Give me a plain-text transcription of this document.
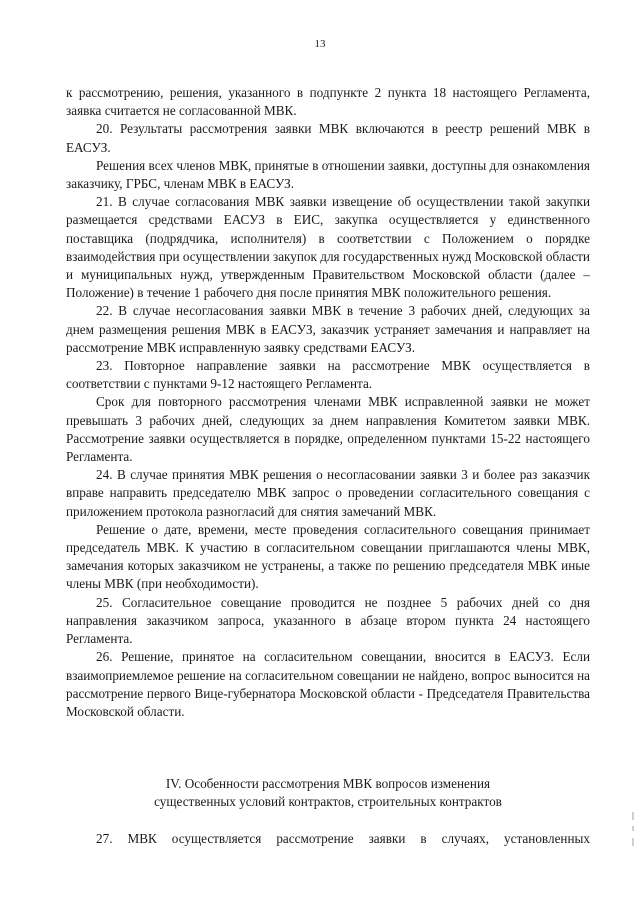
13

к рассмотрению, решения, указанного в подпункте 2 пункта 18 настоящего Регламента, заявка считается не согласованной МВК.

20. Результаты рассмотрения заявки МВК включаются в реестр решений МВК в ЕАСУЗ.

Решения всех членов МВК, принятые в отношении заявки, доступны для ознакомления заказчику, ГРБС, членам МВК в ЕАСУЗ.

21. В случае согласования МВК заявки извещение об осуществлении такой закупки размещается средствами ЕАСУЗ в ЕИС, закупка осуществляется у единственного поставщика (подрядчика, исполнителя) в соответствии с Положением о порядке взаимодействия при осуществлении закупок для государственных нужд Московской области и муниципальных нужд, утвержденным Правительством Московской области (далее – Положение) в течение 1 рабочего дня после принятия МВК положительного решения.

22. В случае несогласования заявки МВК в течение 3 рабочих дней, следующих за днем размещения решения МВК в ЕАСУЗ, заказчик устраняет замечания и направляет на рассмотрение МВК исправленную заявку средствами ЕАСУЗ.

23. Повторное направление заявки на рассмотрение МВК осуществляется в соответствии с пунктами 9-12 настоящего Регламента.

Срок для повторного рассмотрения членами МВК исправленной заявки не может превышать 3 рабочих дней, следующих за днем направления Комитетом заявки МВК. Рассмотрение заявки осуществляется в порядке, определенном пунктами 15-22 настоящего Регламента.

24. В случае принятия МВК решения о несогласовании заявки 3 и более раз заказчик вправе направить председателю МВК запрос о проведении согласительного совещания с приложением протокола разногласий для снятия замечаний МВК.

Решение о дате, времени, месте проведения согласительного совещания принимает председатель МВК. К участию в согласительном совещании приглашаются члены МВК, замечания которых заказчиком не устранены, а также по решению председателя МВК иные члены МВК (при необходимости).

25. Согласительное совещание проводится не позднее 5 рабочих дней со дня направления заказчиком запроса, указанного в абзаце втором пункта 24 настоящего Регламента.

26. Решение, принятое на согласительном совещании, вносится в ЕАСУЗ. Если взаимоприемлемое решение на согласительном совещании не найдено, вопрос выносится на рассмотрение первого Вице-губернатора Московской области - Председателя Правительства Московской области.

IV. Особенности рассмотрения МВК вопросов изменения
существенных условий контрактов, строительных контрактов

27. МВК осуществляется рассмотрение заявки в случаях, установленных
